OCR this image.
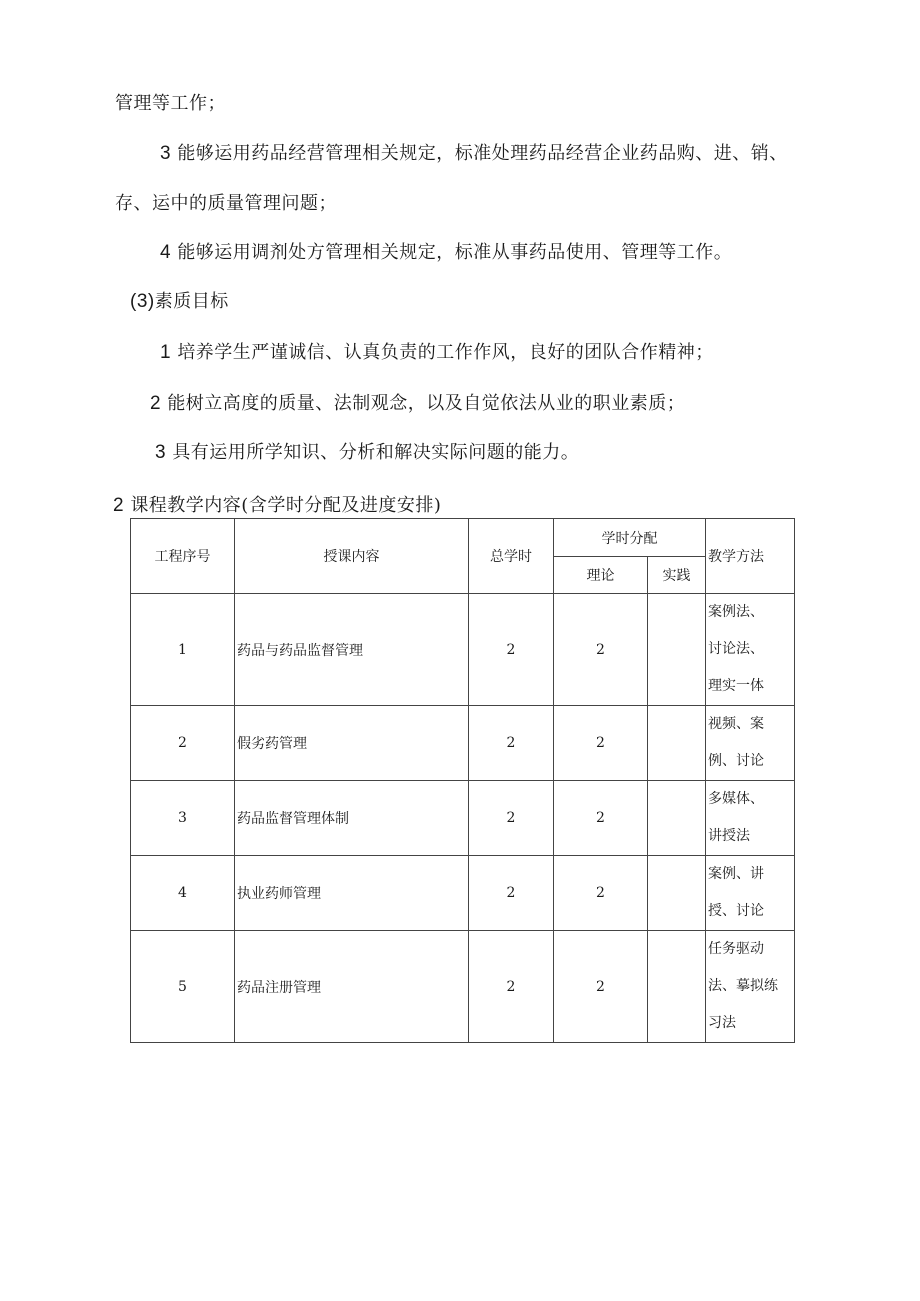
管理等工作；
3 能够运用药品经营管理相关规定，标准处理药品经营企业药品购、进、销、
存、运中的质量管理问题；
4 能够运用调剂处方管理相关规定，标准从事药品使用、管理等工作。
(3)素质目标
1 培养学生严谨诚信、认真负责的工作作风，良好的团队合作精神；
2 能树立高度的质量、法制观念，以及自觉依法从业的职业素质；
3 具有运用所学知识、分析和解决实际问题的能力。
2 课程教学内容(含学时分配及进度安排)
工程序号	授课内容	总学时	学时分配		教学方法
			理论	实践	
1	药品与药品监督管理	2	2		案例法、
讨论法、
理实一体

2	假劣药管理	2	2		视频、案
例、讨论

3	药品监督管理体制	2	2		多媒体、
讲授法

4	执业药师管理	2	2		案例、讲
授、讨论

5	药品注册管理	2	2		任务驱动
法、摹拟练
习法
